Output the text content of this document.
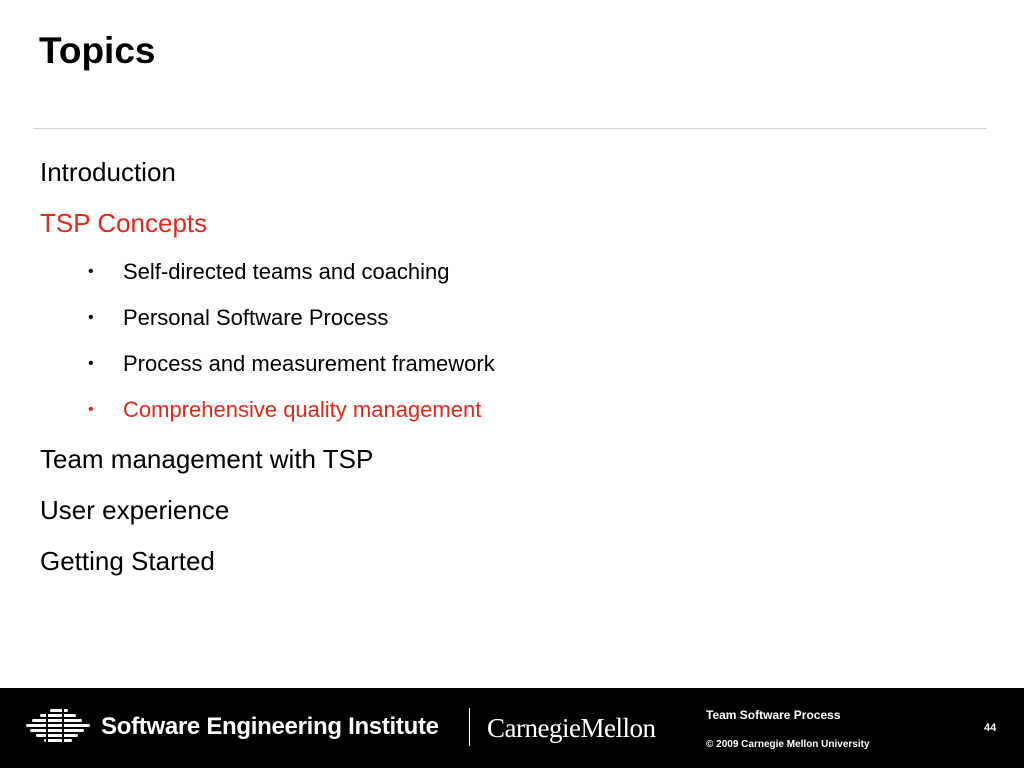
Topics
Introduction
TSP Concepts
• Self-directed teams and coaching
• Personal Software Process
• Process and measurement framework
• Comprehensive quality management
Team management with TSP
User experience
Getting Started
Software Engineering Institute CarnegieMellon	Team Software Process
© 2009 Carnegie Mellon University
44
